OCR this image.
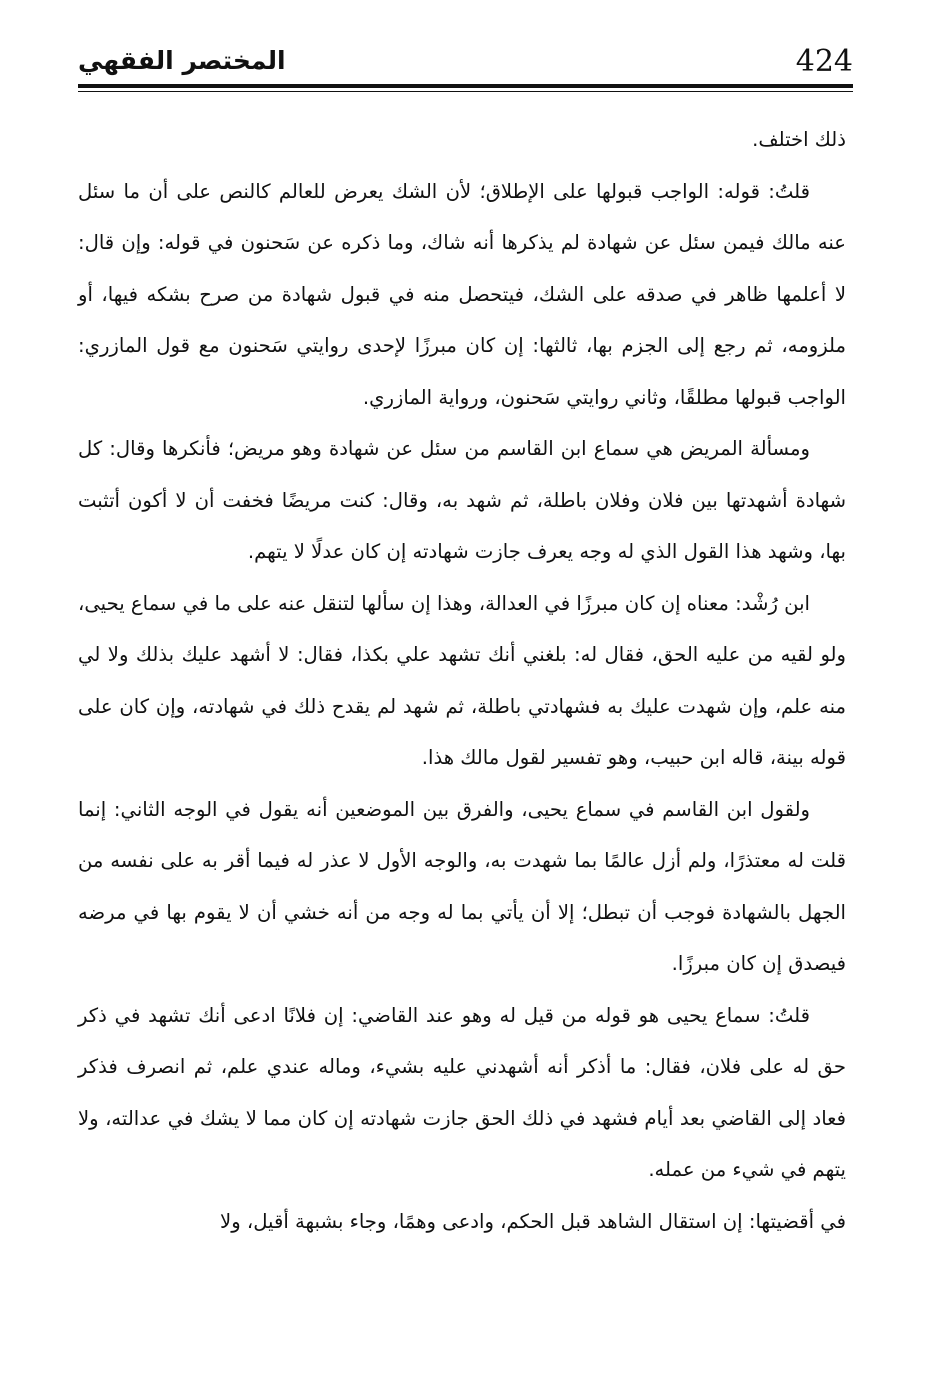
424
المختصر الفقهي

ذلك اختلف.

قلتُ: قوله: الواجب قبولها على الإطلاق؛ لأن الشك يعرض للعالم كالنص على أن ما سئل عنه مالك فيمن سئل عن شهادة لم يذكرها أنه شاك، وما ذكره عن سَحنون في قوله: وإن قال: لا أعلمها ظاهر في صدقه على الشك، فيتحصل منه في قبول شهادة من صرح بشكه فيها، أو ملزومه، ثم رجع إلى الجزم بها، ثالثها: إن كان مبرزًا لإحدى روايتي سَحنون مع قول المازري: الواجب قبولها مطلقًا، وثاني روايتي سَحنون، ورواية المازري.

ومسألة المريض هي سماع ابن القاسم من سئل عن شهادة وهو مريض؛ فأنكرها وقال: كل شهادة أشهدتها بين فلان وفلان باطلة، ثم شهد به، وقال: كنت مريضًا فخفت أن لا أكون أتثبت بها، وشهد هذا القول الذي له وجه يعرف جازت شهادته إن كان عدلًا لا يتهم.

ابن رُشْد: معناه إن كان مبرزًا في العدالة، وهذا إن سألها لتنقل عنه على ما في سماع يحيى، ولو لقيه من عليه الحق، فقال له: بلغني أنك تشهد علي بكذا، فقال: لا أشهد عليك بذلك ولا لي منه علم، وإن شهدت عليك به فشهادتي باطلة، ثم شهد لم يقدح ذلك في شهادته، وإن كان على قوله بينة، قاله ابن حبيب، وهو تفسير لقول مالك هذا.

ولقول ابن القاسم في سماع يحيى، والفرق بين الموضعين أنه يقول في الوجه الثاني: إنما قلت له معتذرًا، ولم أزل عالمًا بما شهدت به، والوجه الأول لا عذر له فيما أقر به على نفسه من الجهل بالشهادة فوجب أن تبطل؛ إلا أن يأتي بما له وجه من أنه خشي أن لا يقوم بها في مرضه فيصدق إن كان مبرزًا.

قلتُ: سماع يحيى هو قوله من قيل له وهو عند القاضي: إن فلانًا ادعى أنك تشهد في ذكر حق له على فلان، فقال: ما أذكر أنه أشهدني عليه بشيء، وماله عندي علم، ثم انصرف فذكر فعاد إلى القاضي بعد أيام فشهد في ذلك الحق جازت شهادته إن كان مما لا يشك في عدالته، ولا يتهم في شيء من عمله.

في أقضيتها: إن استقال الشاهد قبل الحكم، وادعى وهمًا، وجاء بشبهة أقيل، ولا
